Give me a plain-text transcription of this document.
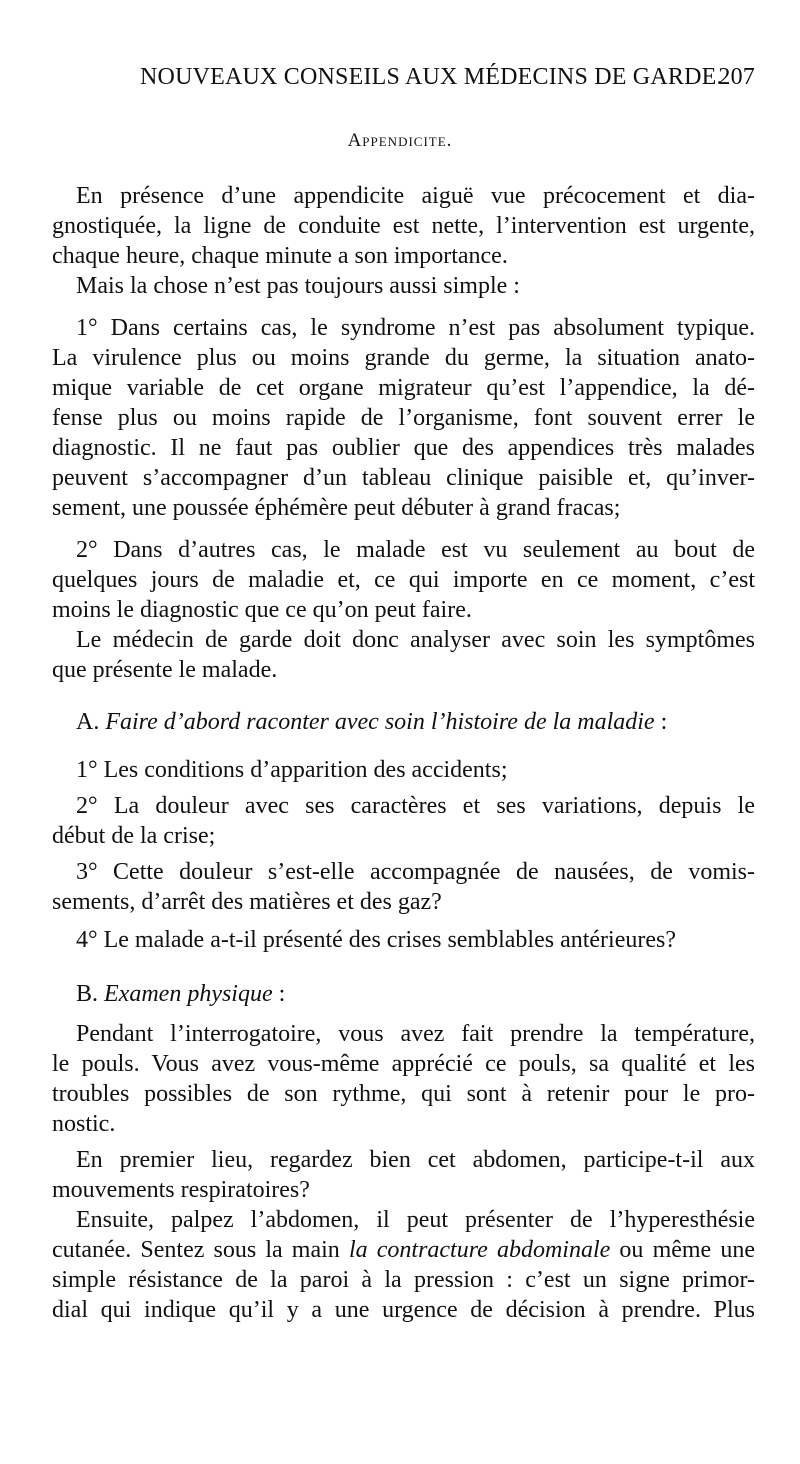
NOUVEAUX CONSEILS AUX MÉDECINS DE GARDE.
207
Appendicite.
En présence d’une appendicite aiguë vue précocement et dia-
gnostiquée, la ligne de conduite est nette, l’intervention est urgente,
chaque heure, chaque minute a son importance.
Mais la chose n’est pas toujours aussi simple :
1° Dans certains cas, le syndrome n’est pas absolument typique.
La virulence plus ou moins grande du germe, la situation anato-
mique variable de cet organe migrateur qu’est l’appendice, la dé-
fense plus ou moins rapide de l’organisme, font souvent errer le
diagnostic. Il ne faut pas oublier que des appendices très malades
peuvent s’accompagner d’un tableau clinique paisible et, qu’inver-
sement, une poussée éphémère peut débuter à grand fracas;
2° Dans d’autres cas, le malade est vu seulement au bout de
quelques jours de maladie et, ce qui importe en ce moment, c’est
moins le diagnostic que ce qu’on peut faire.
Le médecin de garde doit donc analyser avec soin les symptômes
que présente le malade.
A. Faire d’abord raconter avec soin l’histoire de la maladie :
1° Les conditions d’apparition des accidents;
2° La douleur avec ses caractères et ses variations, depuis le
début de la crise;
3° Cette douleur s’est-elle accompagnée de nausées, de vomis-
sements, d’arrêt des matières et des gaz?
4° Le malade a-t-il présenté des crises semblables antérieures?
B. Examen physique :
Pendant l’interrogatoire, vous avez fait prendre la température,
le pouls. Vous avez vous-même apprécié ce pouls, sa qualité et les
troubles possibles de son rythme, qui sont à retenir pour le pro-
nostic.
En premier lieu, regardez bien cet abdomen, participe-t-il aux
mouvements respiratoires?
Ensuite, palpez l’abdomen, il peut présenter de l’hyperesthésie
cutanée. Sentez sous la main la contracture abdominale ou même une
simple résistance de la paroi à la pression : c’est un signe primor-
dial qui indique qu’il y a une urgence de décision à prendre. Plus
